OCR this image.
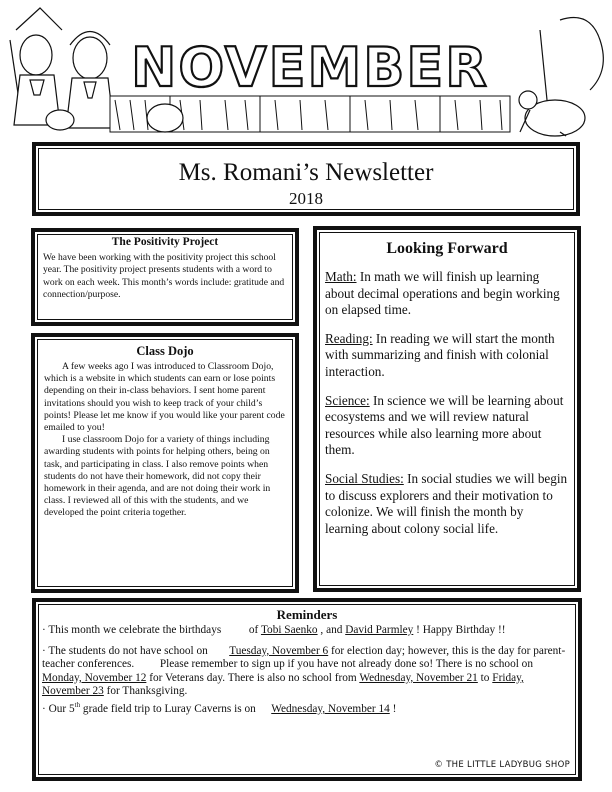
NOVEMBER
Ms. Romani’s Newsletter
2018
The Positivity Project
We have been working with the positivity project this school year. The positivity project presents students with a word to work on each week. This month’s words include: gratitude and connection/purpose.
Class Dojo
A few weeks ago I was introduced to Classroom Dojo, which is a website in which students can earn or lose points depending on their in-class behaviors. I sent home parent invitations should you wish to keep track of your child’s points! Please let me know if you would like your parent code emailed to you!
I use classroom Dojo for a variety of things including awarding students with points for helping others, being on task, and participating in class. I also remove points when students do not have their homework, did not copy their homework in their agenda, and are not doing their work in class. I reviewed all of this with the students, and we developed the point criteria together.
Looking Forward

Math: In math we will finish up learning about decimal operations and begin working on elapsed time.

Reading: In reading we will start the month with summarizing and finish with colonial interaction.

Science: In science we will be learning about ecosystems and we will review natural resources while also learning more about them.

Social Studies: In social studies we will begin to discuss explorers and their motivation to colonize. We will finish the month by learning about colony social life.

Reminders
· This month we celebrate the birthdays of Tobi Saenko , and David Parmley ! Happy Birthday !!
· The students do not have school on Tuesday, November 6 for election day; however, this is the day for parent-teacher conferences. Please remember to sign up if you have not already done so! There is no school on  Monday, November 12 for Veterans day. There is also no school from Wednesday, November 21 to Friday, November 23 for Thanksgiving.
· Our 5th grade field trip to Luray Caverns is on Wednesday, November 14 !
© THE LITTLE LADYBUG SHOP
